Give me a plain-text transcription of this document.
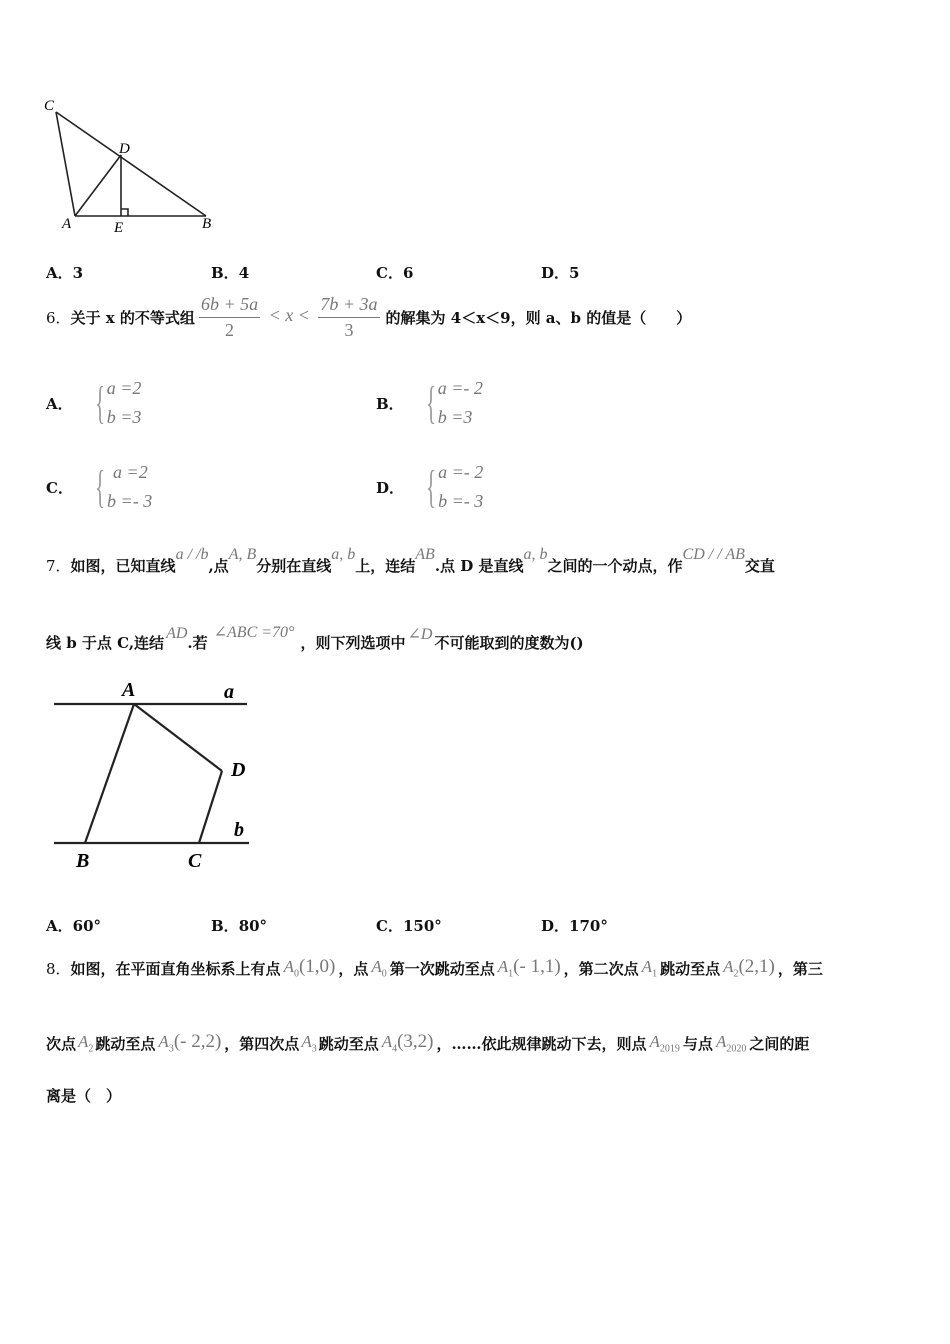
C
D
A	E	B
A．3	B．4	C．6	D．5
6． 关于 x 的不等式组 $\frac{6b + 5a}{2} < x < \frac{7b + 3a}{3}$ 的解集为 4＜x＜9，则 a、b 的值是（　　）
A． { a =2
b =3
B． { a =- 2
b =3
C． { a =2
b =- 3
D． { a =- 2
b =- 3
7． 如图，已知直线
a / /b
,点
A, B
分别在直线
a, b
上，连结
AB
.点 D 是直线
a, b
之间的一个动点，作
CD / / AB
交直
线 b 于点 C,连结 AD .若
∠ABC =70°
，则下列选项中 ∠D 不可能取到的度数为()
A	a
D
b
B	C
A．60°	B．80°	C．150°	D．170°
8． 如图，在平面直角坐标系上有点 $A_0(1,0)$ ，点 $A_0$ 第一次跳动至点 $A_1(-$ 1,1) ，第二次点 $A_1$ 跳动至点 $A_2(2,1)$ ，第三
次点 $A_2$ 跳动至点 $A_3(-$ 2,2) ，第四次点 $A_3$ 跳动至点 $A_4(3,2)$ ，……依此规律跳动下去，则点 $A_{2019}$ 与点 $A_{2020}$ 之间的距
离是（　）
